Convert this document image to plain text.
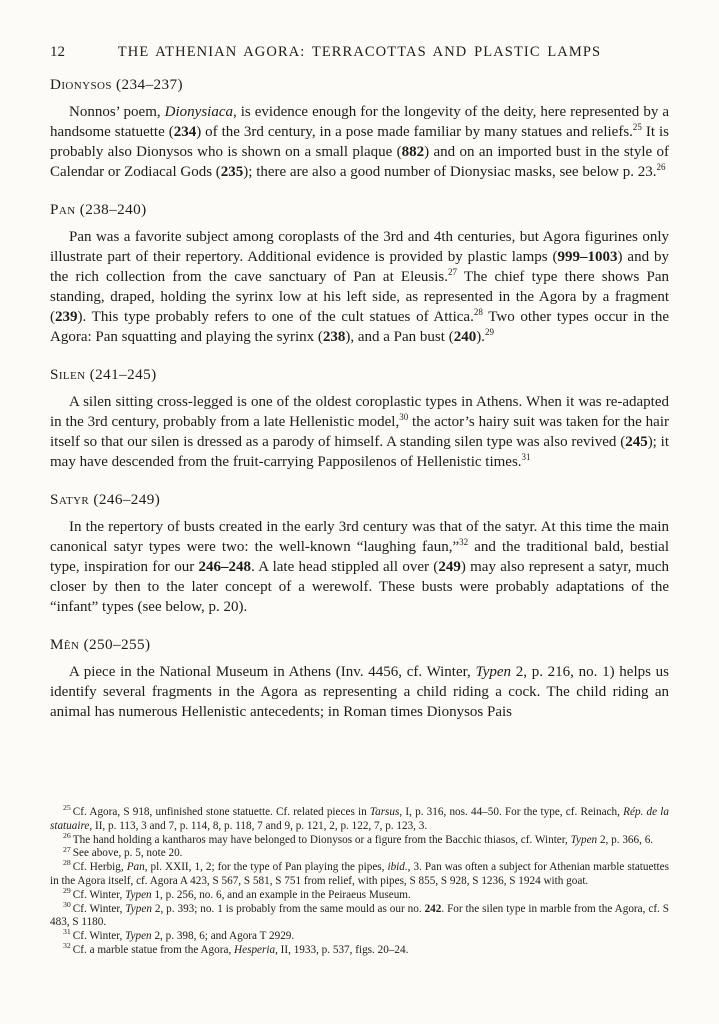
12	THE ATHENIAN AGORA: TERRACOTTAS AND PLASTIC LAMPS
Dionysos (234–237)

Nonnos’ poem, Dionysiaca, is evidence enough for the longevity of the deity, here represented by a handsome statuette (234) of the 3rd century, in a pose made familiar by many statues and reliefs.$^{25}$ It is probably also Dionysos who is shown on a small plaque (882) and on an imported bust in the style of Calendar or Zodiacal Gods (235); there are also a good number of Dionysiac masks, see below p. 23.26

Pan (238–240)

Pan was a favorite subject among coroplasts of the 3rd and 4th centuries, but Agora figurines only illustrate part of their repertory. Additional evidence is provided by plastic lamps (999–1003) and by the rich collection from the cave sanctuary of Pan at Eleusis.$^{27}$ The chief type there shows Pan standing, draped, holding the syrinx low at his left side, as represented in the Agora by a fragment (239). This type probably refers to one of the cult statues of Attica.$^{28}$ Two other types occur in the Agora: Pan squatting and playing the syrinx (238), and a Pan bust (240).$^{29}$

Silen (241–245)

A silen sitting cross-legged is one of the oldest coroplastic types in Athens. When it was re-adapted in the 3rd century, probably from a late Hellenistic model,$^{30}$ the actor’s hairy suit was taken for the hair itself so that our silen is dressed as a parody of himself. A standing silen type was also revived (245); it may have descended from the fruit-carrying Papposilenos of Hellenistic times.$^{31}$

Satyr (246–249)

In the repertory of busts created in the early 3rd century was that of the satyr. At this time the main canonical satyr types were two: the well-known “laughing faun,”$^{32}$ and the traditional bald, bestial type, inspiration for our 246–248. A late head stippled all over (249) may also represent a satyr, much closer by then to the later concept of a werewolf. These busts were probably adaptations of the “infant” types (see below, p. 20).

Mên (250–255)

A piece in the National Museum in Athens (Inv. 4456, cf. Winter, Typen 2, p. 216, no. 1) helps us identify several fragments in the Agora as representing a child riding a cock. The child riding an animal has numerous Hellenistic antecedents; in Roman times Dionysos Pais

$^{25}$ Cf. Agora, S 918, unfinished stone statuette. Cf. related pieces in Tarsus, I, p. 316, nos. 44–50. For the type, cf. Reinach, Rép. de la statuaire, II, p. 113, 3 and 7, p. 114, 8, p. 118, 7 and 9, p. 121, 2, p. 122, 7, p. 123, 3.

$^{26}$ The hand holding a kantharos may have belonged to Dionysos or a figure from the Bacchic thiasos, cf. Winter, Typen 2, p. 366, 6.

$^{27}$ See above, p. 5, note 20.

$^{28}$ Cf. Herbig, Pan, pl. XXII, 1, 2; for the type of Pan playing the pipes, ibid., 3. Pan was often a subject for Athenian marble statuettes in the Agora itself, cf. Agora A 423, S 567, S 581, S 751 from relief, with pipes, S 855, S 928, S 1236, S 1924 with goat.

$^{29}$ Cf. Winter, Typen 1, p. 256, no. 6, and an example in the Peiraeus Museum.

$^{30}$ Cf. Winter, Typen 2, p. 393; no. 1 is probably from the same mould as our no. 242. For the silen type in marble from the Agora, cf. S 483, S 1180.

$^{31}$ Cf. Winter, Typen 2, p. 398, 6; and Agora T 2929.

$^{32}$ Cf. a marble statue from the Agora, Hesperia, II, 1933, p. 537, figs. 20–24.
